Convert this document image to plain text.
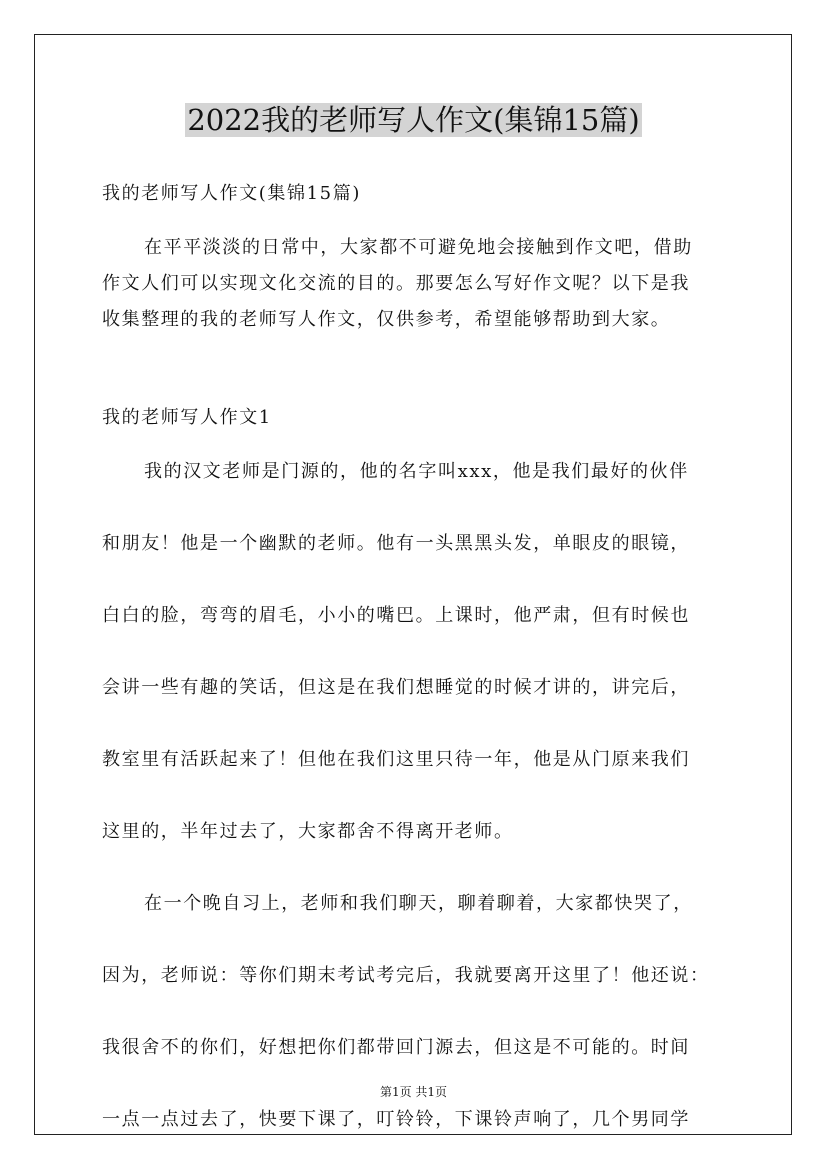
2022我的老师写人作文(集锦15篇)
我的老师写人作文(集锦15篇)
在平平淡淡的日常中，大家都不可避免地会接触到作文吧，借助
作文人们可以实现文化交流的目的。那要怎么写好作文呢？以下是我
收集整理的我的老师写人作文，仅供参考，希望能够帮助到大家。
我的老师写人作文1
我的汉文老师是门源的，他的名字叫xxx，他是我们最好的伙伴
和朋友！他是一个幽默的老师。他有一头黑黑头发，单眼皮的眼镜，
白白的脸，弯弯的眉毛，小小的嘴巴。上课时，他严肃，但有时候也
会讲一些有趣的笑话，但这是在我们想睡觉的时候才讲的，讲完后，
教室里有活跃起来了！但他在我们这里只待一年，他是从门原来我们
这里的，半年过去了，大家都舍不得离开老师。
在一个晚自习上，老师和我们聊天，聊着聊着，大家都快哭了，
因为，老师说：等你们期末考试考完后，我就要离开这里了！他还说：
我很舍不的你们，好想把你们都带回门源去，但这是不可能的。时间
一点一点过去了，快要下课了，叮铃铃，下课铃声响了，几个男同学
第1页 共1页
